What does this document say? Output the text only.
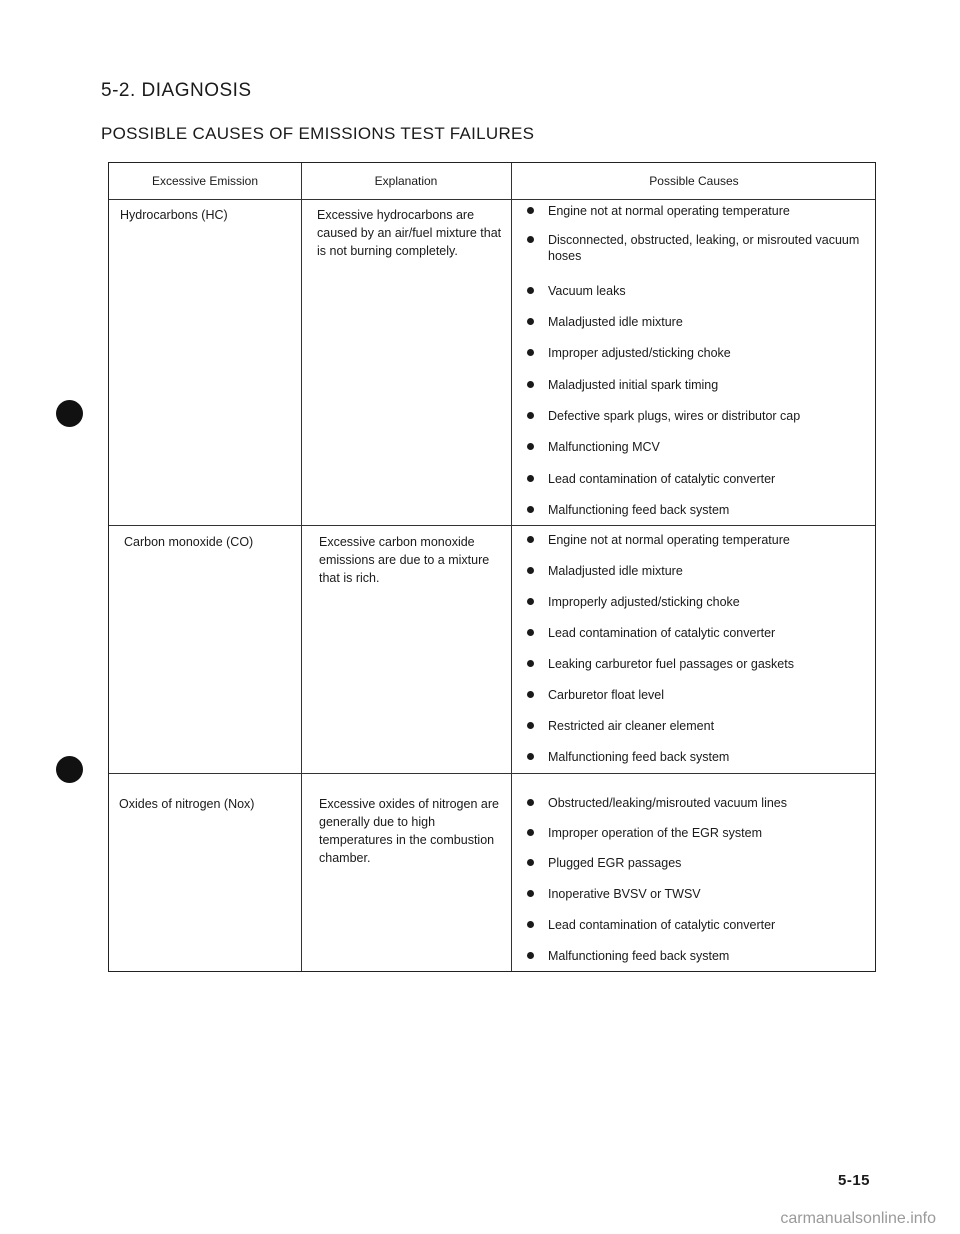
5-2. DIAGNOSIS
POSSIBLE CAUSES OF EMISSIONS TEST FAILURES
Excessive Emission	Explanation	Possible Causes
Hydrocarbons (HC)	Excessive hydrocarbons are caused by an air/fuel mixture that is not burning completely.
Engine not at normal operating temperature
Disconnected, obstructed, leaking, or misrouted vacuum hoses
Vacuum leaks
Maladjusted idle mixture
Improper adjusted/sticking choke
Maladjusted initial spark timing
Defective spark plugs, wires or distributor cap
Malfunctioning MCV
Lead contamination of catalytic converter
Malfunctioning feed back system
Carbon monoxide (CO)	Excessive carbon monoxide emissions are due to a mixture that is rich.
Engine not at normal operating temperature
Maladjusted idle mixture
Improperly adjusted/sticking choke
Lead contamination of catalytic converter
Leaking carburetor fuel passages or gaskets
Carburetor float level
Restricted air cleaner element
Malfunctioning feed back system
Oxides of nitrogen (Nox)	Excessive oxides of nitrogen are generally due to high temperatures in the combustion chamber.
Obstructed/leaking/misrouted vacuum lines
Improper operation of the EGR system
Plugged EGR passages
Inoperative BVSV or TWSV
Lead contamination of catalytic converter
Malfunctioning feed back system
5-15
carmanualsonline.info
